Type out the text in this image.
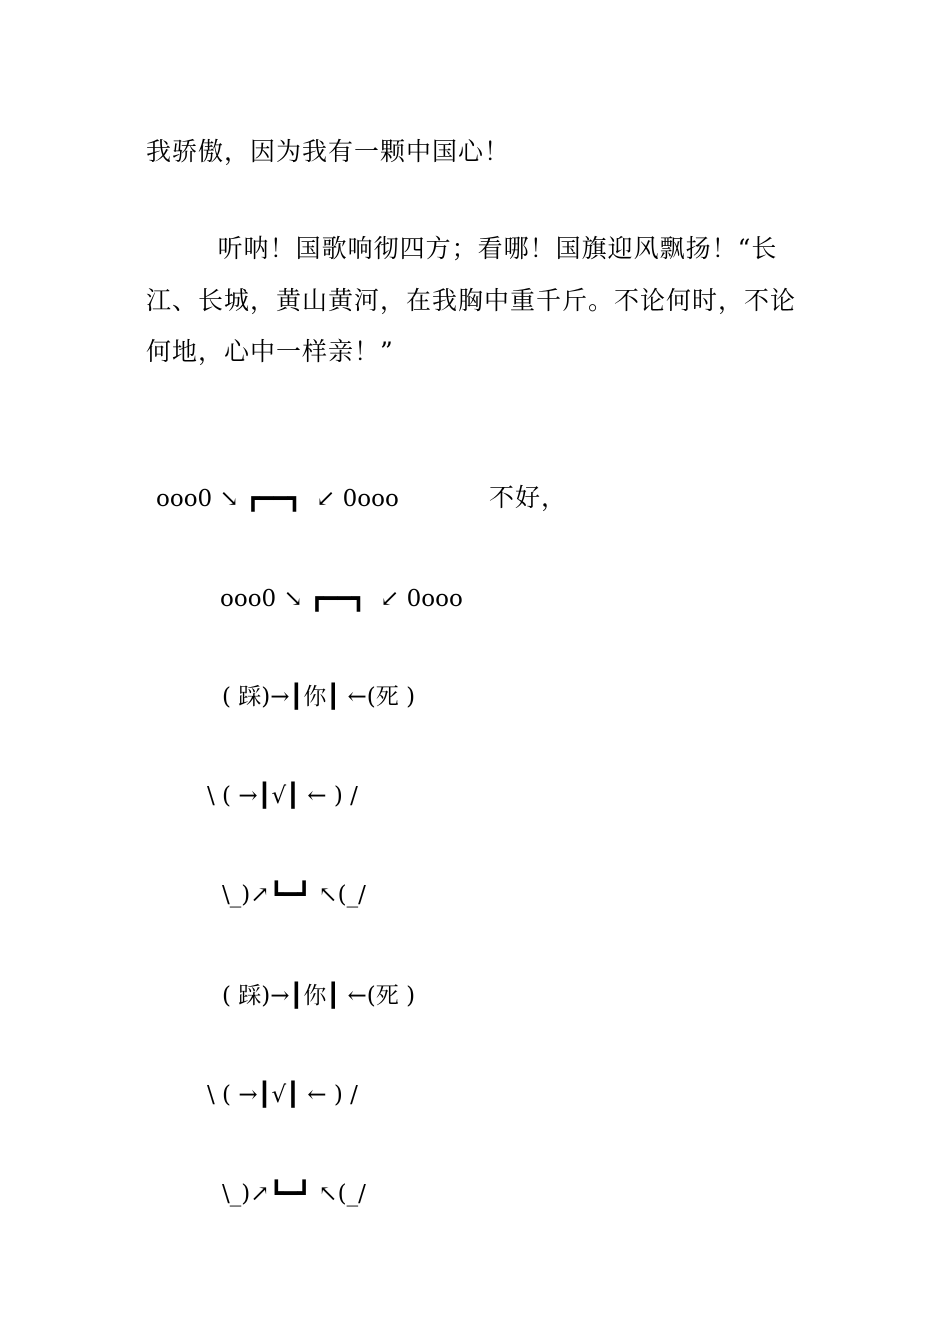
我骄傲，因为我有一颗中国心！
听呐！国歌响彻四方；看哪！国旗迎风飘扬！“长
江、长城，黄山黄河，在我胸中重千斤。不论何时，不论
何地，心中一样亲！”
ooo0 ↘ ┏━━┓  ↙ 0ooo	不好，
ooo0 ↘ ┏━━┓  ↙ 0ooo
( 踩)→┃你┃ ←(死 )
\ ( →┃√┃ ← ) /
\_)↗┗━┛ ↖(_/
( 踩)→┃你┃ ←(死 )
\ ( →┃√┃ ← ) /
\_)↗┗━┛ ↖(_/
